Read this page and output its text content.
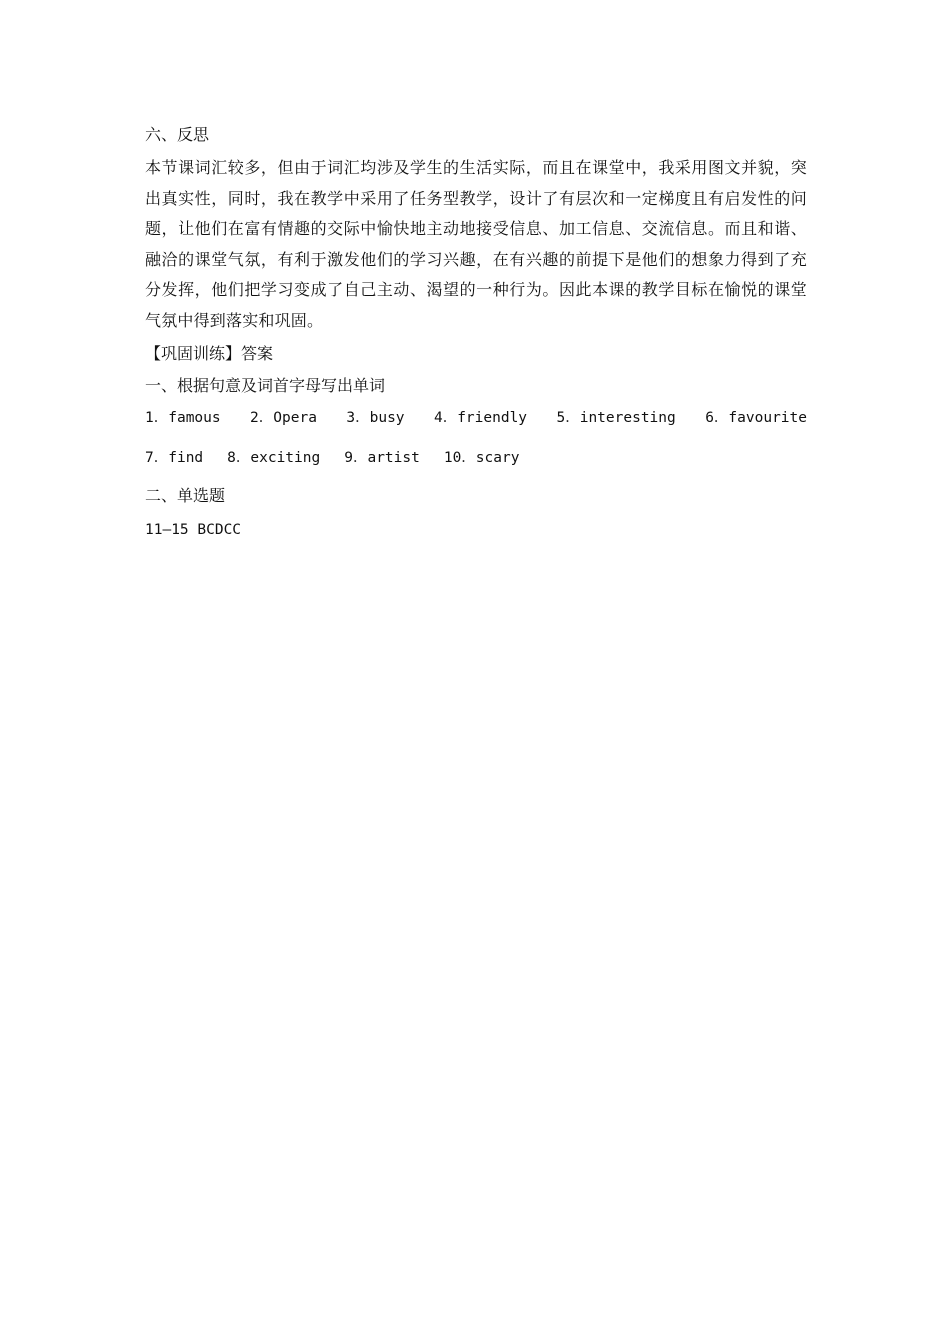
六、反思

本节课词汇较多，但由于词汇均涉及学生的生活实际，而且在课堂中，我采用图文并貌，突出真实性，同时，我在教学中采用了任务型教学，设计了有层次和一定梯度且有启发性的问题，让他们在富有情趣的交际中愉快地主动地接受信息、加工信息、交流信息。而且和谐、融洽的课堂气氛，有利于激发他们的学习兴趣，在有兴趣的前提下是他们的想象力得到了充分发挥，他们把学习变成了自己主动、渴望的一种行为。因此本课的教学目标在愉悦的课堂气氛中得到落实和巩固。

【巩固训练】答案

一、根据句意及词首字母写出单词

1．famous 2．Opera 3．busy 4．friendly 5．interesting 6．favourite
7．find 8．exciting 9．artist 10．scary

二、单选题

11—15 BCDCC
